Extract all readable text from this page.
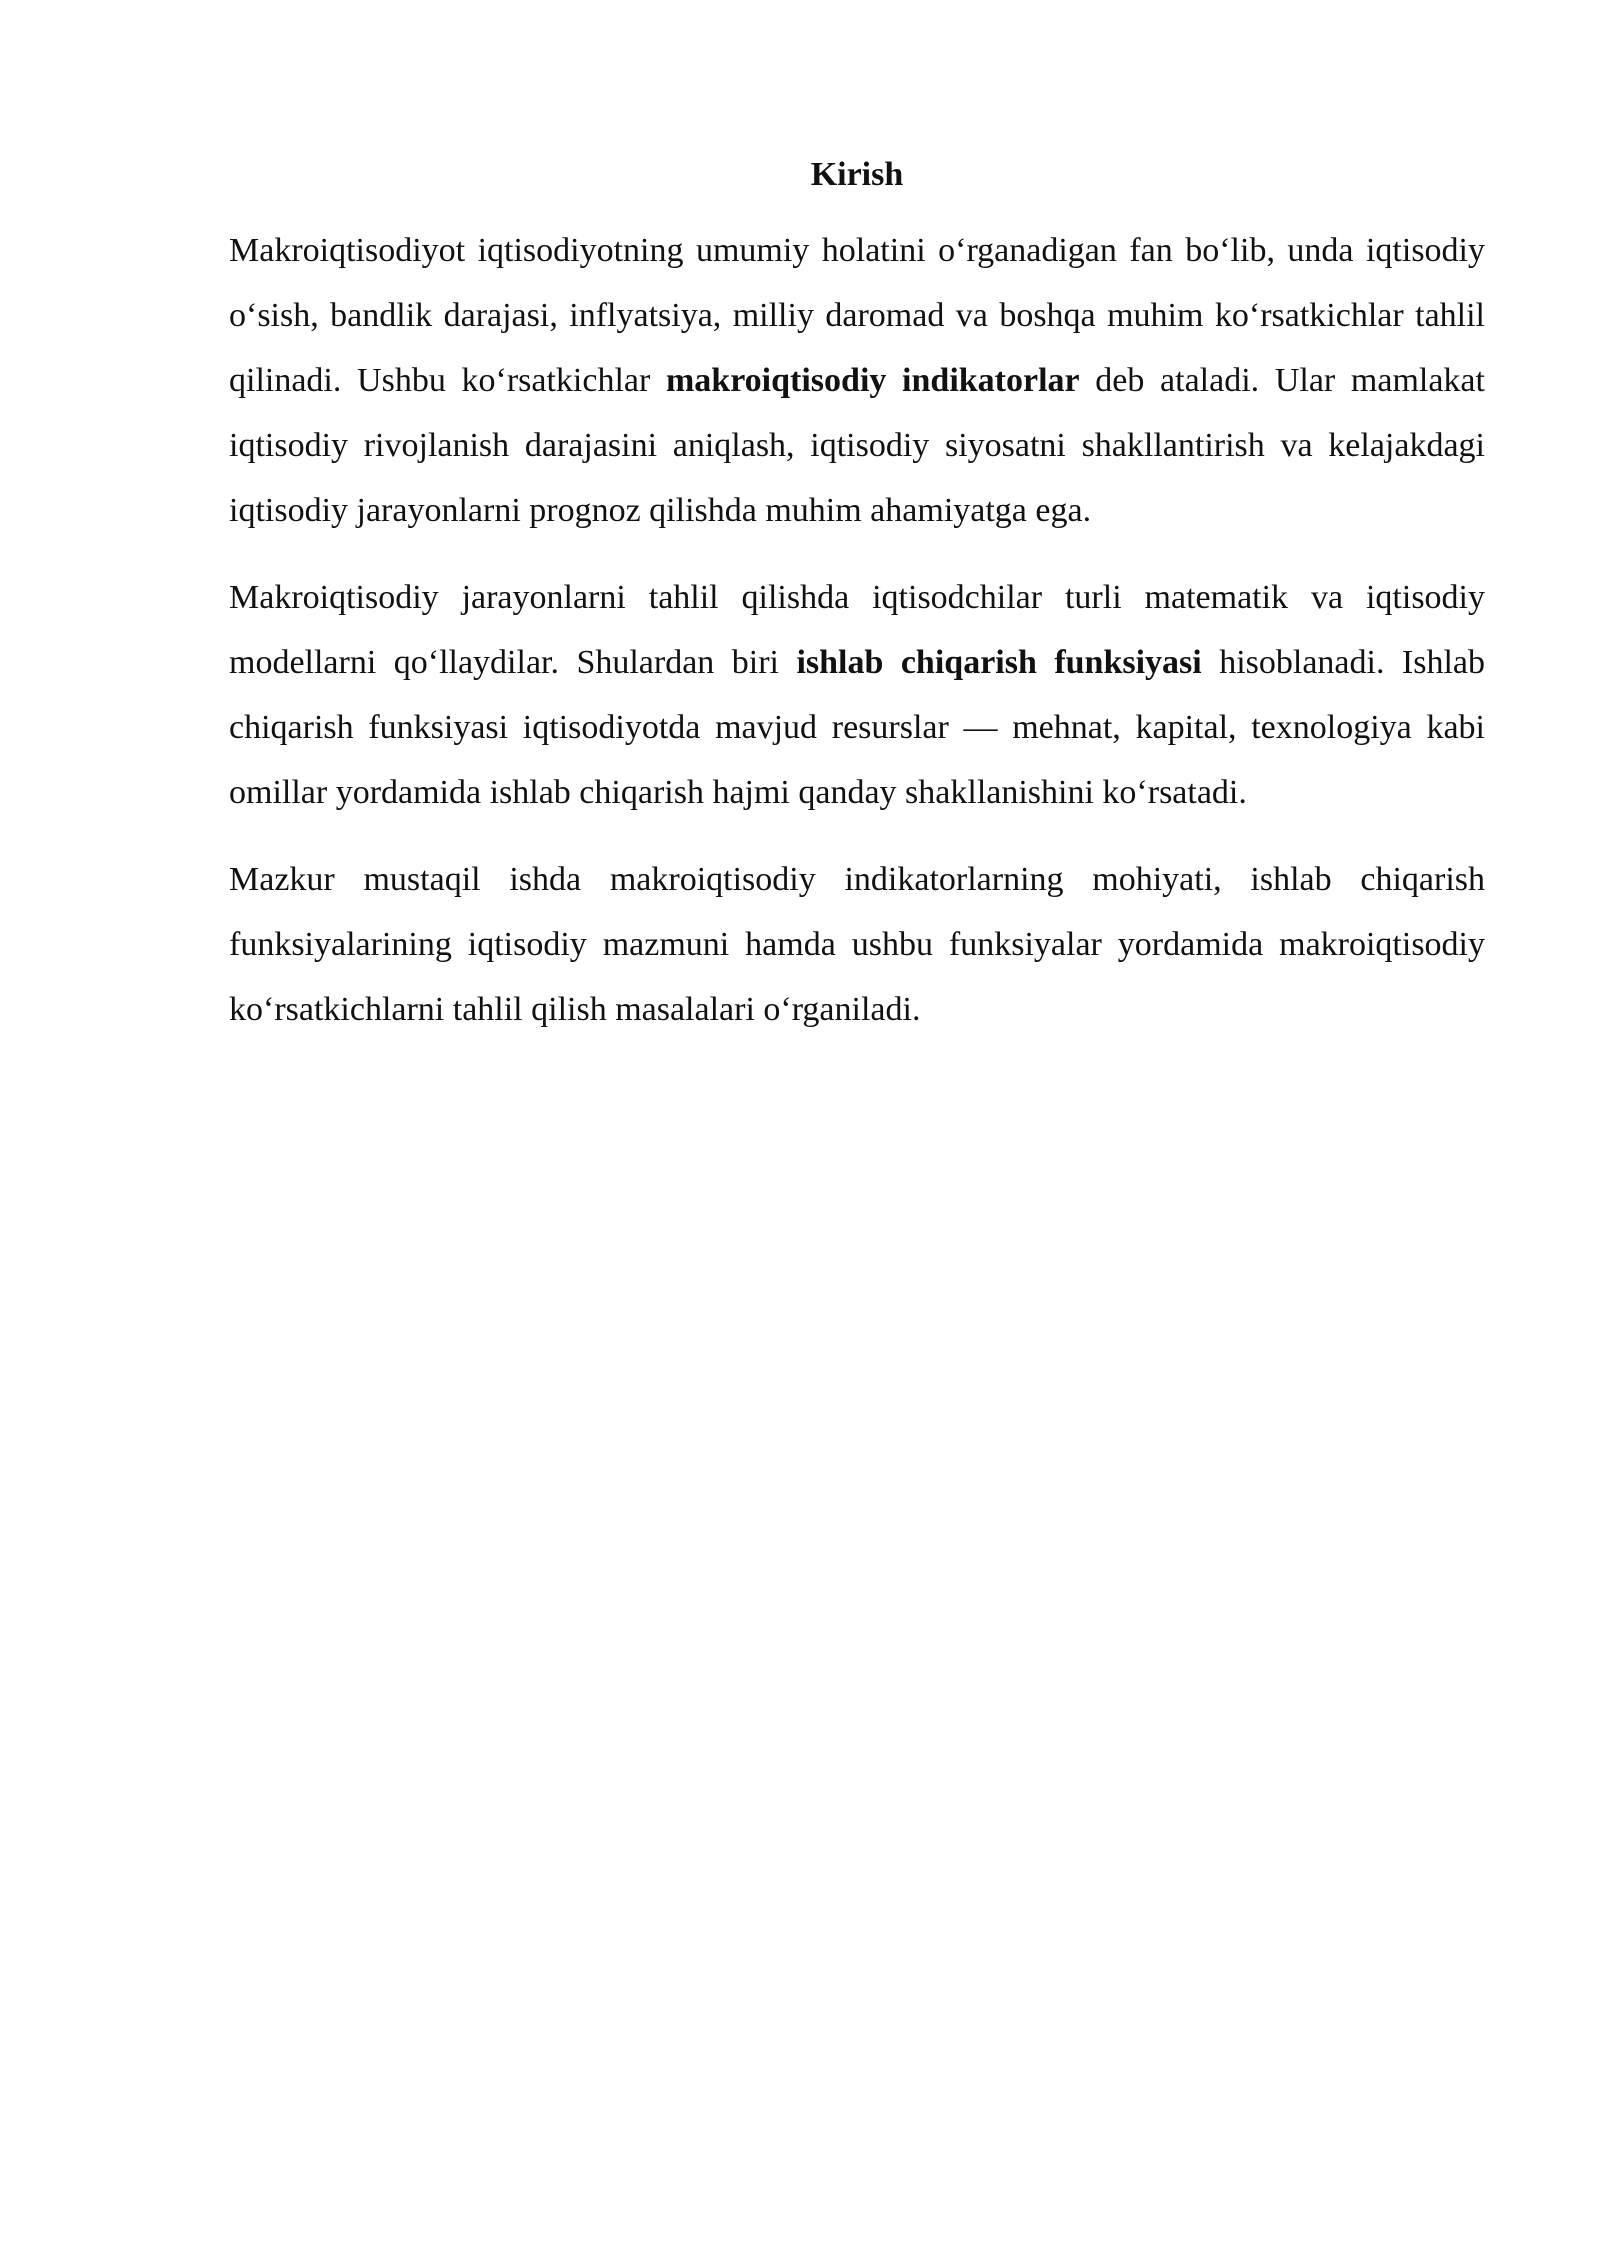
Kirish

Makroiqtisodiyot iqtisodiyotning umumiy holatini o‘rganadigan fan bo‘lib, unda iqtisodiy o‘sish, bandlik darajasi, inflyatsiya, milliy daromad va boshqa muhim ko‘rsatkichlar tahlil qilinadi. Ushbu ko‘rsatkichlar makroiqtisodiy indikatorlar deb ataladi. Ular mamlakat iqtisodiy rivojlanish darajasini aniqlash, iqtisodiy siyosatni shakllantirish va kelajakdagi iqtisodiy jarayonlarni prognoz qilishda muhim ahamiyatga ega.

Makroiqtisodiy jarayonlarni tahlil qilishda iqtisodchilar turli matematik va iqtisodiy modellarni qo‘llaydilar. Shulardan biri ishlab chiqarish funksiyasi hisoblanadi. Ishlab chiqarish funksiyasi iqtisodiyotda mavjud resurslar — mehnat, kapital, texnologiya kabi omillar yordamida ishlab chiqarish hajmi qanday shakllanishini ko‘rsatadi.

Mazkur mustaqil ishda makroiqtisodiy indikatorlarning mohiyati, ishlab chiqarish funksiyalarining iqtisodiy mazmuni hamda ushbu funksiyalar yordamida makroiqtisodiy ko‘rsatkichlarni tahlil qilish masalalari o‘rganiladi.
